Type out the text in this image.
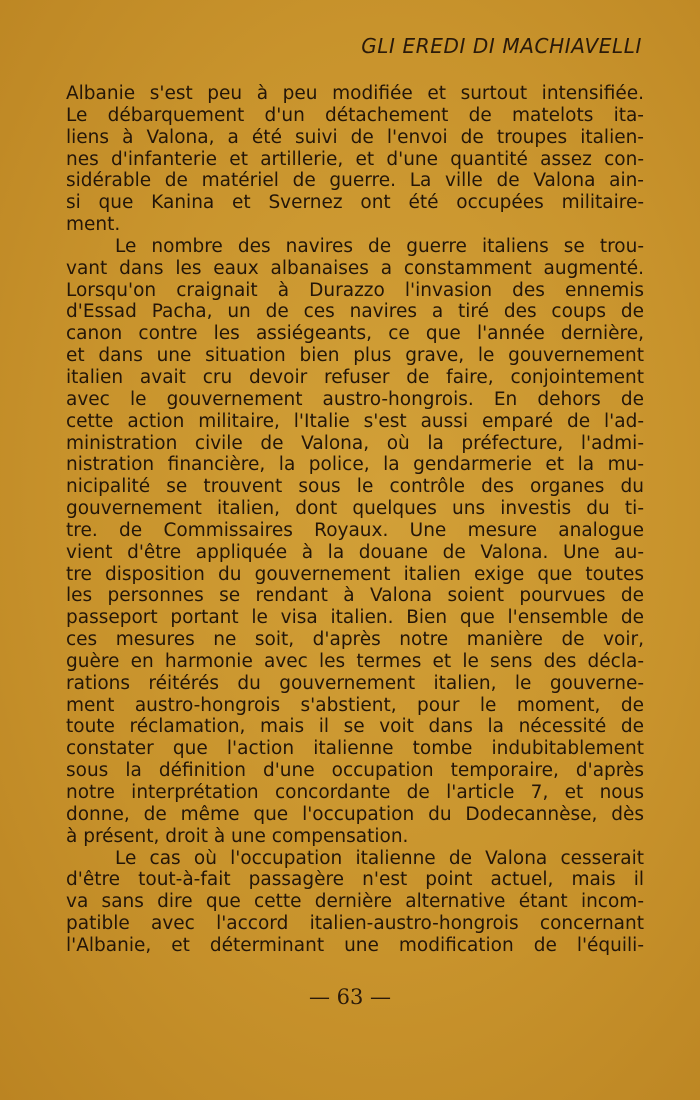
GLI EREDI DI MACHIAVELLI
Albanie s'est peu à peu modifiée et surtout intensifiée.
Le débarquement d'un détachement de matelots ita-
liens à Valona, a été suivi de l'envoi de troupes italien-
nes d'infanterie et artillerie, et d'une quantité assez con-
sidérable de matériel de guerre. La ville de Valona ain-
si que Kanina et Svernez ont été occupées militaire-
ment.
Le nombre des navires de guerre italiens se trou-
vant dans les eaux albanaises a constamment augmenté.
Lorsqu'on craignait à Durazzo l'invasion des ennemis
d'Essad Pacha, un de ces navires a tiré des coups de
canon contre les assiégeants, ce que l'année dernière,
et dans une situation bien plus grave, le gouvernement
italien avait cru devoir refuser de faire, conjointement
avec le gouvernement austro-hongrois. En dehors de
cette action militaire, l'Italie s'est aussi emparé de l'ad-
ministration civile de Valona, où la préfecture, l'admi-
nistration financière, la police, la gendarmerie et la mu-
nicipalité se trouvent sous le contrôle des organes du
gouvernement italien, dont quelques uns investis du ti-
tre. de Commissaires Royaux. Une mesure analogue
vient d'être appliquée à la douane de Valona. Une au-
tre disposition du gouvernement italien exige que toutes
les personnes se rendant à Valona soient pourvues de
passeport portant le visa italien. Bien que l'ensemble de
ces mesures ne soit, d'après notre manière de voir,
guère en harmonie avec les termes et le sens des décla-
rations réitérés du gouvernement italien, le gouverne-
ment austro-hongrois s'abstient, pour le moment, de
toute réclamation, mais il se voit dans la nécessité de
constater que l'action italienne tombe indubitablement
sous la définition d'une occupation temporaire, d'après
notre interprétation concordante de l'article 7, et nous
donne, de même que l'occupation du Dodecannèse, dès
à présent, droit à une compensation.
Le cas où l'occupation italienne de Valona cesserait
d'être tout-à-fait passagère n'est point actuel, mais il
va sans dire que cette dernière alternative étant incom-
patible avec l'accord italien-austro-hongrois concernant
l'Albanie, et déterminant une modification de l'équili-
— 63 —
